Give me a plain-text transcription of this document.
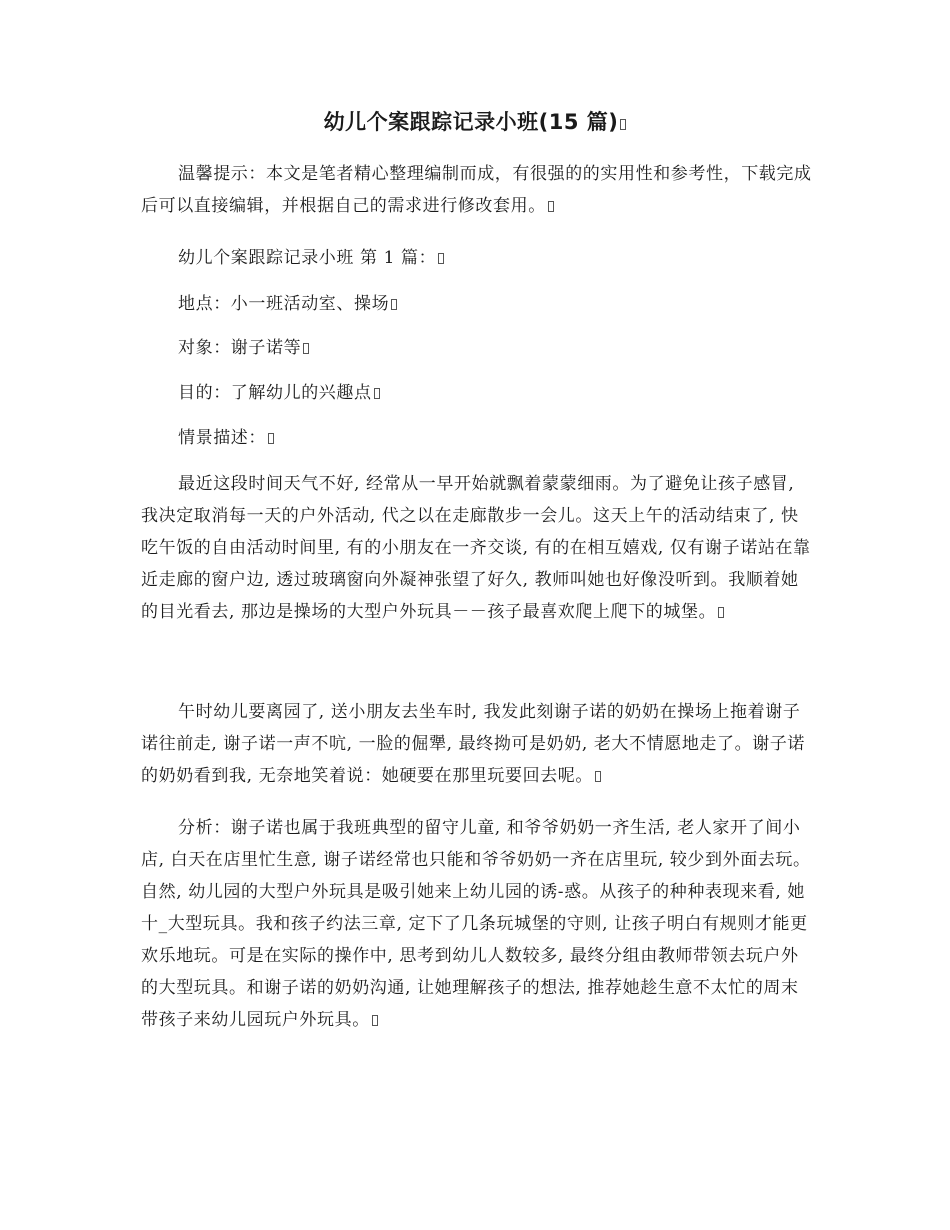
幼儿个案跟踪记录小班(15 篇)
温馨提示：本文是笔者精心整理编制而成，有很强的的实用性和参考性，下载完成后可以直接编辑，并根据自己的需求进行修改套用。
幼儿个案跟踪记录小班 第 1 篇：
地点：小一班活动室、操场
对象：谢子诺等
目的：了解幼儿的兴趣点
情景描述：
最近这段时间天气不好, 经常从一早开始就飘着蒙蒙细雨。为了避免让孩子感冒, 我决定取消每一天的户外活动, 代之以在走廊散步一会儿。这天上午的活动结束了, 快吃午饭的自由活动时间里, 有的小朋友在一齐交谈, 有的在相互嬉戏, 仅有谢子诺站在靠近走廊的窗户边, 透过玻璃窗向外凝神张望了好久, 教师叫她也好像没听到。我顺着她的目光看去, 那边是操场的大型户外玩具－－孩子最喜欢爬上爬下的城堡。
午时幼儿要离园了, 送小朋友去坐车时, 我发此刻谢子诺的奶奶在操场上拖着谢子诺往前走, 谢子诺一声不吭, 一脸的倔犟, 最终拗可是奶奶, 老大不情愿地走了。谢子诺的奶奶看到我, 无奈地笑着说：她硬要在那里玩要回去呢。
分析：谢子诺也属于我班典型的留守儿童, 和爷爷奶奶一齐生活, 老人家开了间小店, 白天在店里忙生意, 谢子诺经常也只能和爷爷奶奶一齐在店里玩, 较少到外面去玩。自然, 幼儿园的大型户外玩具是吸引她来上幼儿园的诱-惑。从孩子的种种表现来看, 她十_大型玩具。我和孩子约法三章, 定下了几条玩城堡的守则, 让孩子明白有规则才能更欢乐地玩。可是在实际的操作中, 思考到幼儿人数较多, 最终分组由教师带领去玩户外的大型玩具。和谢子诺的奶奶沟通, 让她理解孩子的想法, 推荐她趁生意不太忙的周末带孩子来幼儿园玩户外玩具。
